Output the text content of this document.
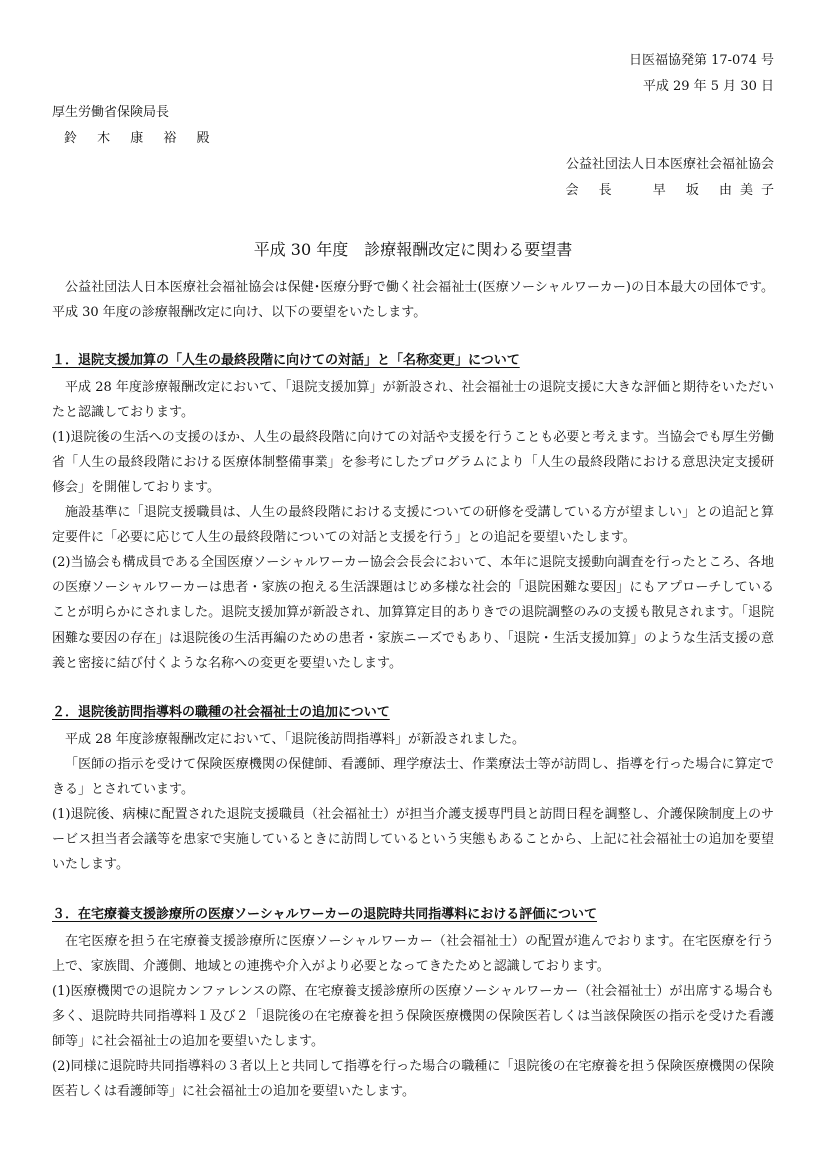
日医福協発第 17-074 号
平成 29 年 5 月 30 日
厚生労働省保険局長
鈴 木 康 裕 殿
公益社団法人日本医療社会福祉協会
会 長　 早 坂 由美子
平成 30 年度　診療報酬改定に関わる要望書

公益社団法人日本医療社会福祉協会は保健･医療分野で働く社会福祉士(医療ソーシャルワーカー)の日本最大の団体です。平成 30 年度の診療報酬改定に向け、以下の要望をいたします。

１．退院支援加算の「人生の最終段階に向けての対話」と「名称変更」について

平成 28 年度診療報酬改定において、「退院支援加算」が新設され、社会福祉士の退院支援に大きな評価と期待をいただいたと認識しております。

(1)退院後の生活への支援のほか、人生の最終段階に向けての対話や支援を行うことも必要と考えます。当協会でも厚生労働省「人生の最終段階における医療体制整備事業」を参考にしたプログラムにより「人生の最終段階における意思決定支援研修会」を開催しております。

施設基準に「退院支援職員は、人生の最終段階における支援についての研修を受講している方が望ましい」との追記と算定要件に「必要に応じて人生の最終段階についての対話と支援を行う」との追記を要望いたします。

(2)当協会も構成員である全国医療ソーシャルワーカー協会会長会において、本年に退院支援動向調査を行ったところ、各地の医療ソーシャルワーカーは患者・家族の抱える生活課題はじめ多様な社会的「退院困難な要因」にもアプローチしていることが明らかにされました。退院支援加算が新設され、加算算定目的ありきでの退院調整のみの支援も散見されます。「退院困難な要因の存在」は退院後の生活再編のための患者・家族ニーズでもあり、「退院・生活支援加算」のような生活支援の意義と密接に結び付くような名称への変更を要望いたします。

２．退院後訪問指導料の職種の社会福祉士の追加について

平成 28 年度診療報酬改定において、「退院後訪問指導料」が新設されました。

「医師の指示を受けて保険医療機関の保健師、看護師、理学療法士、作業療法士等が訪問し、指導を行った場合に算定できる」とされています。

(1)退院後、病棟に配置された退院支援職員（社会福祉士）が担当介護支援専門員と訪問日程を調整し、介護保険制度上のサービス担当者会議等を患家で実施しているときに訪問しているという実態もあることから、上記に社会福祉士の追加を要望いたします。

３．在宅療養支援診療所の医療ソーシャルワーカーの退院時共同指導料における評価について

在宅医療を担う在宅療養支援診療所に医療ソーシャルワーカー（社会福祉士）の配置が進んでおります。在宅医療を行う上で、家族間、介護側、地域との連携や介入がより必要となってきたためと認識しております。

(1)医療機関での退院カンファレンスの際、在宅療養支援診療所の医療ソーシャルワーカー（社会福祉士）が出席する場合も多く、退院時共同指導料１及び２「退院後の在宅療養を担う保険医療機関の保険医若しくは当該保険医の指示を受けた看護師等」に社会福祉士の追加を要望いたします。

(2)同様に退院時共同指導料の３者以上と共同して指導を行った場合の職種に「退院後の在宅療養を担う保険医療機関の保険医若しくは看護師等」に社会福祉士の追加を要望いたします。
